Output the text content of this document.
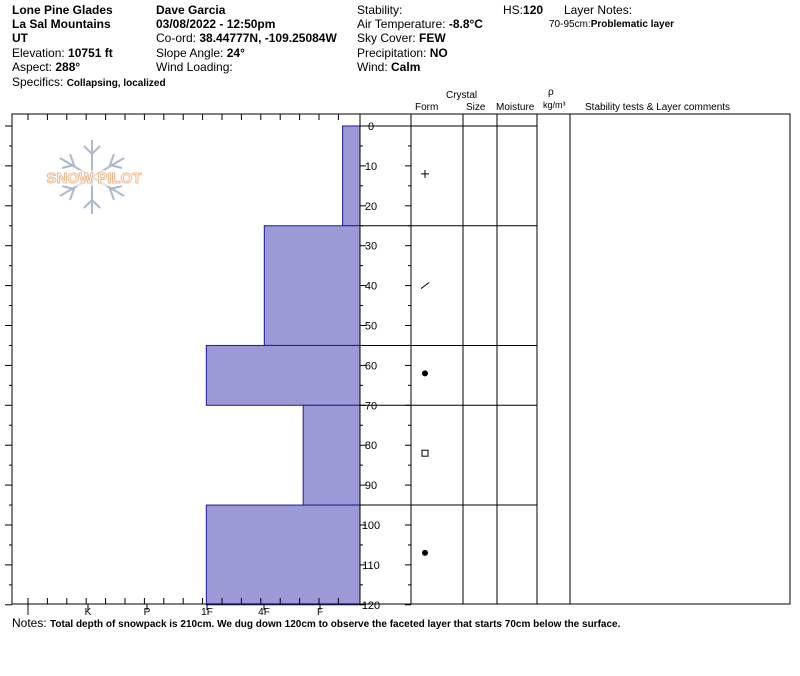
Lone Pine Glades
La Sal Mountains
UT
Elevation: 10751 ft
Aspect: 288°
Specifics: Collapsing, localized
Dave Garcia
03/08/2022 - 12:50pm
Co-ord: 38.44777N, -109.25084W
Slope Angle: 24°
Wind Loading:
Stability:
Air Temperature: -8.8°C
Sky Cover: FEW
Precipitation: NO
Wind: Calm
HS:120 Layer Notes:
70-95cm:Problematic layer
Crystal
Form	Size Moisture
ρ
kg/m³ Stability tests & Layer comments
SNOW PILOT
I	K	P	1F	4F	F
0
10
20
30
40
50
60
70
80
90
100
110
120
Notes: Total depth of snowpack is 210cm. We dug down 120cm to observe the faceted layer that starts 70cm below the surface.
